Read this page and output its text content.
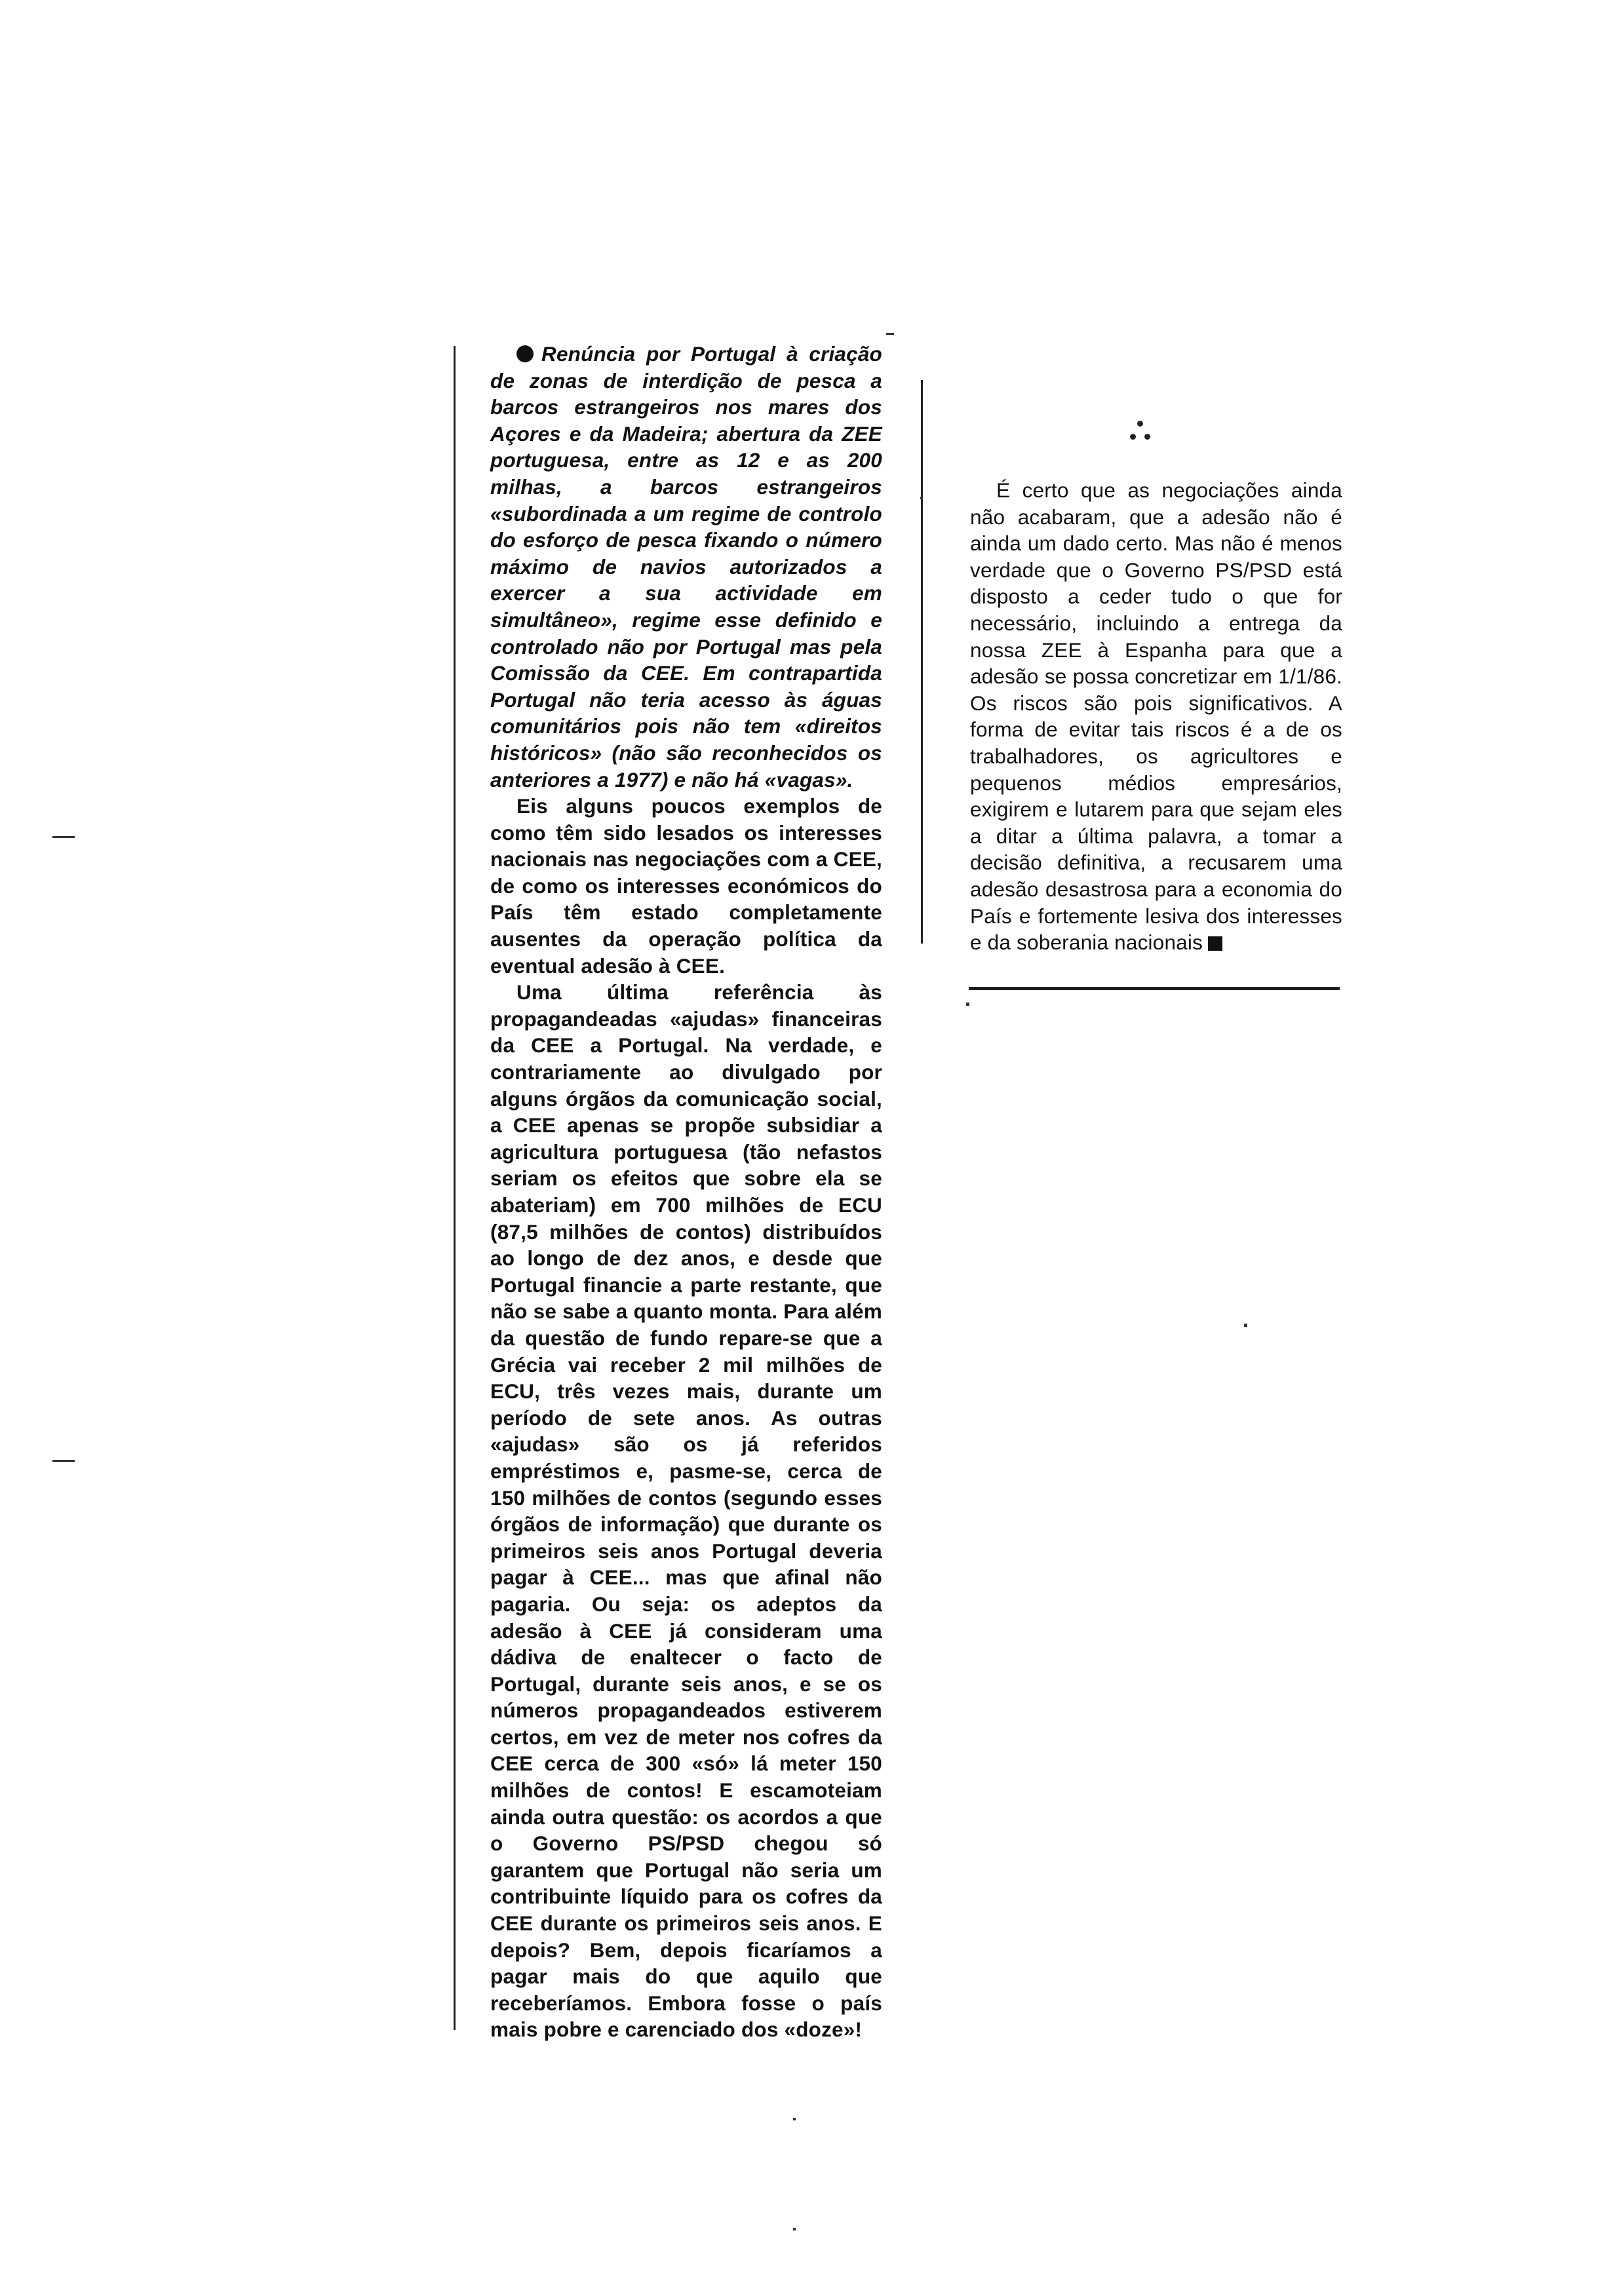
Renúncia por Portugal à criação de zonas de interdição de pesca a barcos estrangeiros nos mares dos Açores e da Madeira; abertura da ZEE portuguesa, entre as 12 e as 200 milhas, a barcos estrangeiros «subordinada a um regime de controlo do esforço de pesca fixando o número máximo de navios autorizados a exercer a sua actividade em simultâneo», regime esse definido e controlado não por Portugal mas pela Comissão da CEE. Em contrapartida Portugal não teria acesso às águas comunitários pois não tem «direitos históricos» (não são reconhecidos os anteriores a 1977) e não há «vagas».

Eis alguns poucos exemplos de como têm sido lesados os interesses nacionais nas negociações com a CEE, de como os interesses económicos do País têm estado completamente ausentes da operação política da eventual adesão à CEE.

Uma última referência às propagandeadas «ajudas» financeiras da CEE a Portugal. Na verdade, e contrariamente ao divulgado por alguns órgãos da comunicação social, a CEE apenas se propõe subsidiar a agricultura portuguesa (tão nefastos seriam os efeitos que sobre ela se abateriam) em 700 milhões de ECU (87,5 milhões de contos) distribuídos ao longo de dez anos, e desde que Portugal financie a parte restante, que não se sabe a quanto monta. Para além da questão de fundo repare-se que a Grécia vai receber 2 mil milhões de ECU, três vezes mais, durante um período de sete anos. As outras «ajudas» são os já referidos empréstimos e, pasme-se, cerca de 150 milhões de contos (segundo esses órgãos de informação) que durante os primeiros seis anos Portugal deveria pagar à CEE... mas que afinal não pagaria. Ou seja: os adeptos da adesão à CEE já consideram uma dádiva de enaltecer o facto de Portugal, durante seis anos, e se os números propagandeados estiverem certos, em vez de meter nos cofres da CEE cerca de 300 «só» lá meter 150 milhões de contos! E escamoteiam ainda outra questão: os acordos a que o Governo PS/PSD chegou só garantem que Portugal não seria um contribuinte líquido para os cofres da CEE durante os primeiros seis anos. E depois? Bem, depois ficaríamos a pagar mais do que aquilo que receberíamos. Embora fosse o país mais pobre e carenciado dos «doze»!

É certo que as negociações ainda não acabaram, que a adesão não é ainda um dado certo. Mas não é menos verdade que o Governo PS/PSD está disposto a ceder tudo o que for necessário, incluindo a entrega da nossa ZEE à Espanha para que a adesão se possa concretizar em 1/1/86. Os riscos são pois significativos. A forma de evitar tais riscos é a de os trabalhadores, os agricultores e pequenos médios empresários, exigirem e lutarem para que sejam eles a ditar a última palavra, a tomar a decisão definitiva, a recusarem uma adesão desastrosa para a economia do País e fortemente lesiva dos interesses e da soberania nacionais
